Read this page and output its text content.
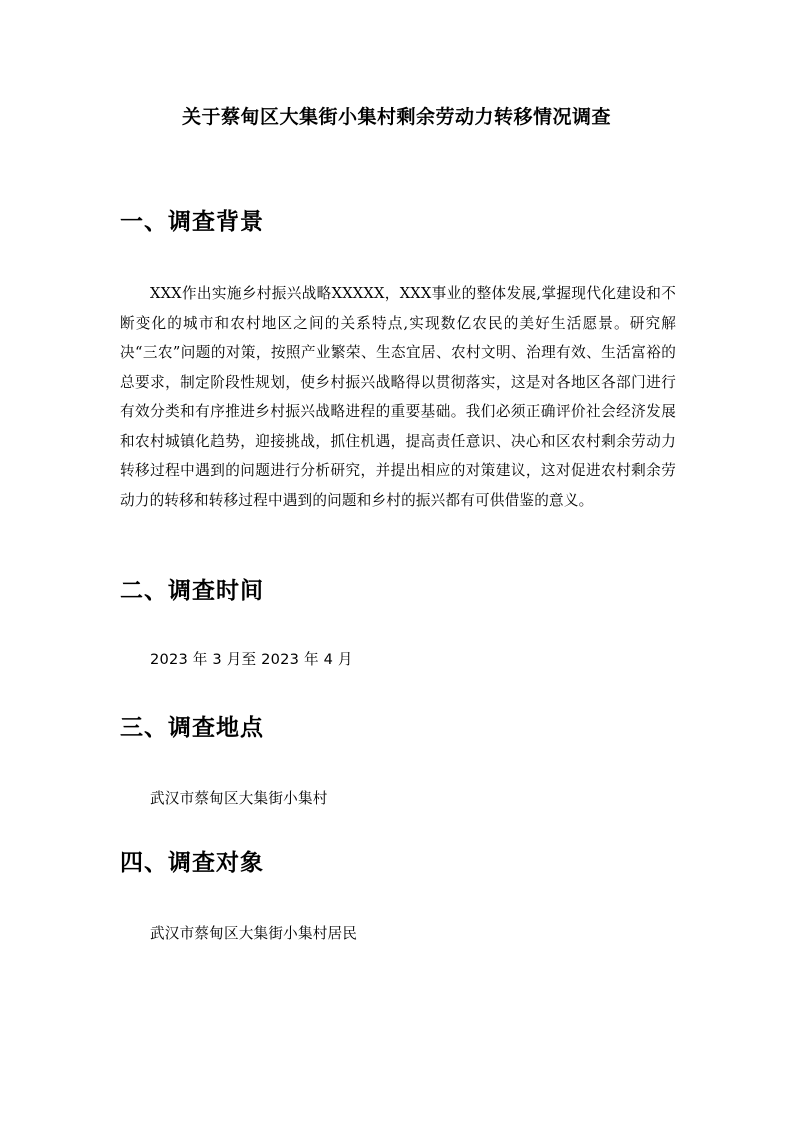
关于蔡甸区大集街小集村剩余劳动力转移情况调查
一、调查背景
XXX作出实施乡村振兴战略XXXXX，XXX事业的整体发展,掌握现代化建设和不断变化的城市和农村地区之间的关系特点,实现数亿农民的美好生活愿景。研究解决“三农”问题的对策，按照产业繁荣、生态宜居、农村文明、治理有效、生活富裕的总要求，制定阶段性规划，使乡村振兴战略得以贯彻落实，这是对各地区各部门进行有效分类和有序推进乡村振兴战略进程的重要基础。我们必须正确评价社会经济发展和农村城镇化趋势，迎接挑战，抓住机遇，提高责任意识、决心和区农村剩余劳动力转移过程中遇到的问题进行分析研究，并提出相应的对策建议，这对促进农村剩余劳动力的转移和转移过程中遇到的问题和乡村的振兴都有可供借鉴的意义。
二、调查时间
2023 年 3 月至 2023 年 4 月
三、调查地点
武汉市蔡甸区大集街小集村
四、调查对象
武汉市蔡甸区大集街小集村居民
